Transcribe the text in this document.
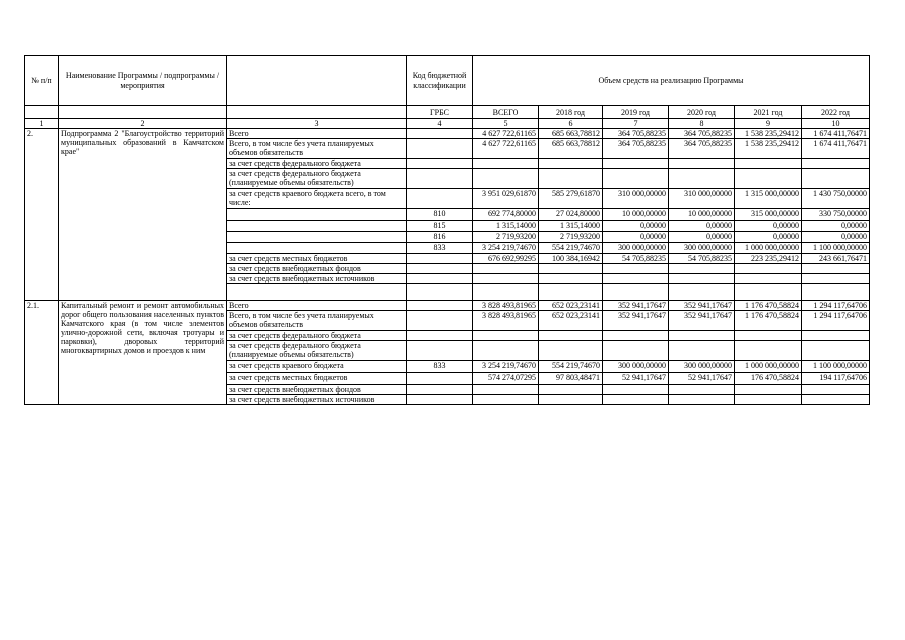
№ п/п	Наименование Программы / подпрограммы / мероприятия		Код бюджетной классификации	Объем средств на реализацию Программы					
			ГРБС	ВСЕГО	2018 год	2019 год	2020 год	2021 год	2022 год
1	2	3	4	5	6	7	8	9	10
2.	Подпрограмма 2 "Благоустройство территорий муниципальных образований в Камчатском крае"	Всего		4 627 722,61165	685 663,78812	364 705,88235	364 705,88235	1 538 235,29412	1 674 411,76471
		Всего, в том числе без учета планируемых объемов обязательств		4 627 722,61165	685 663,78812	364 705,88235	364 705,88235	1 538 235,29412	1 674 411,76471
		за счет средств федерального бюджета							
		за счет средств федерального бюджета (планируемые объемы обязательств)							
		за счет средств краевого бюджета всего, в том числе:		3 951 029,61870	585 279,61870	310 000,00000	310 000,00000	1 315 000,00000	1 430 750,00000
			810	692 774,80000	27 024,80000	10 000,00000	10 000,00000	315 000,00000	330 750,00000
			815	1 315,14000	1 315,14000	0,00000	0,00000	0,00000	0,00000
			816	2 719,93200	2 719,93200	0,00000	0,00000	0,00000	0,00000
			833	3 254 219,74670	554 219,74670	300 000,00000	300 000,00000	1 000 000,00000	1 100 000,00000
		за счет средств местных бюджетов		676 692,99295	100 384,16942	54 705,88235	54 705,88235	223 235,29412	243 661,76471
		за счет средств внебюджетных фондов							
		за счет средств внебюджетных источников							

2.1.	Капитальный ремонт и ремонт автомобильных дорог общего пользования населенных пунктов Камчатского края (в том числе элементов улично-дорожной сети, включая тротуары и парковки), дворовых территорий многоквартирных домов и проездов к ним	Всего		3 828 493,81965	652 023,23141	352 941,17647	352 941,17647	1 176 470,58824	1 294 117,64706
		Всего, в том числе без учета планируемых объемов обязательств		3 828 493,81965	652 023,23141	352 941,17647	352 941,17647	1 176 470,58824	1 294 117,64706
		за счет средств федерального бюджета							
		за счет средств федерального бюджета (планируемые объемы обязательств)							
		за счет средств краевого бюджета	833	3 254 219,74670	554 219,74670	300 000,00000	300 000,00000	1 000 000,00000	1 100 000,00000
		за счет средств местных бюджетов		574 274,07295	97 803,48471	52 941,17647	52 941,17647	176 470,58824	194 117,64706
		за счет средств внебюджетных фондов							
		за счет средств внебюджетных источников							
